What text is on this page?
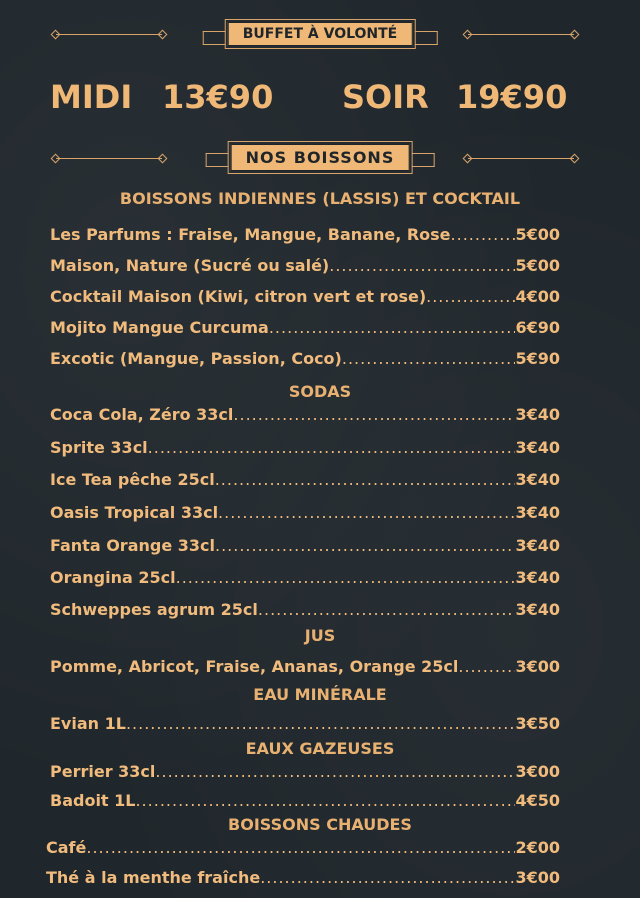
BUFFET À VOLONTÉ
MIDI 13€90 SOIR 19€90
NOS BOISSONS
BOISSONS INDIENNES (LASSIS) ET COCKTAIL
Les Parfums : Fraise, Mangue, Banane, Rose .....	5€00
Maison, Nature (Sucré ou salé) .....	5€00
Cocktail Maison (Kiwi, citron vert et rose) .....	4€00
Mojito Mangue Curcuma .....	6€90
Excotic (Mangue, Passion, Coco) .....	5€90
SODAS
Coca Cola, Zéro 33cl .....	3€40
Sprite 33cl .....	3€40
Ice Tea pêche 25cl .....	3€40
Oasis Tropical 33cl .....	3€40
Fanta Orange 33cl .....	3€40
Orangina 25cl .....	3€40
Schweppes agrum 25cl .....	3€40
JUS
Pomme, Abricot, Fraise, Ananas, Orange 25cl .....	3€00
EAU MINÉRALE
Evian 1L .....	3€50
EAUX GAZEUSES
Perrier 33cl .....	3€00
Badoit 1L .....	4€50
BOISSONS CHAUDES
Café .....	2€00
Thé à la menthe fraîche .....	3€00
